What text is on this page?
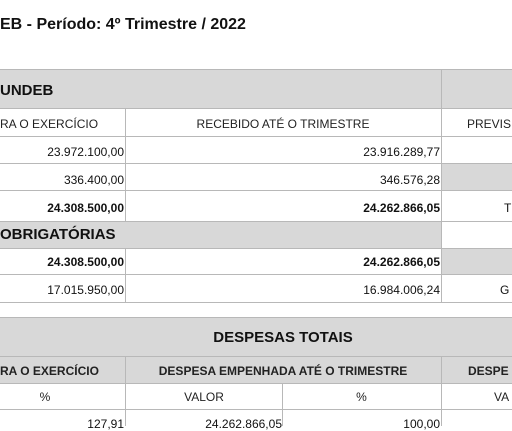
EB - Período: 4º Trimestre / 2022
UNDEB
RA O EXERCÍCIO	RECEBIDO ATÉ O TRIMESTRE	PREVIS
23.972.100,00	23.916.289,77
336.400,00	346.576,28
24.308.500,00	24.262.866,05	T
OBRIGATÓRIAS
24.308.500,00	24.262.866,05
17.015.950,00	16.984.006,24	G
DESPESAS TOTAIS
RA O EXERCÍCIO	DESPESA EMPENHADA ATÉ O TRIMESTRE	DESPE
%	VALOR	%	VA
127,91	24.262.866,05	100,00
